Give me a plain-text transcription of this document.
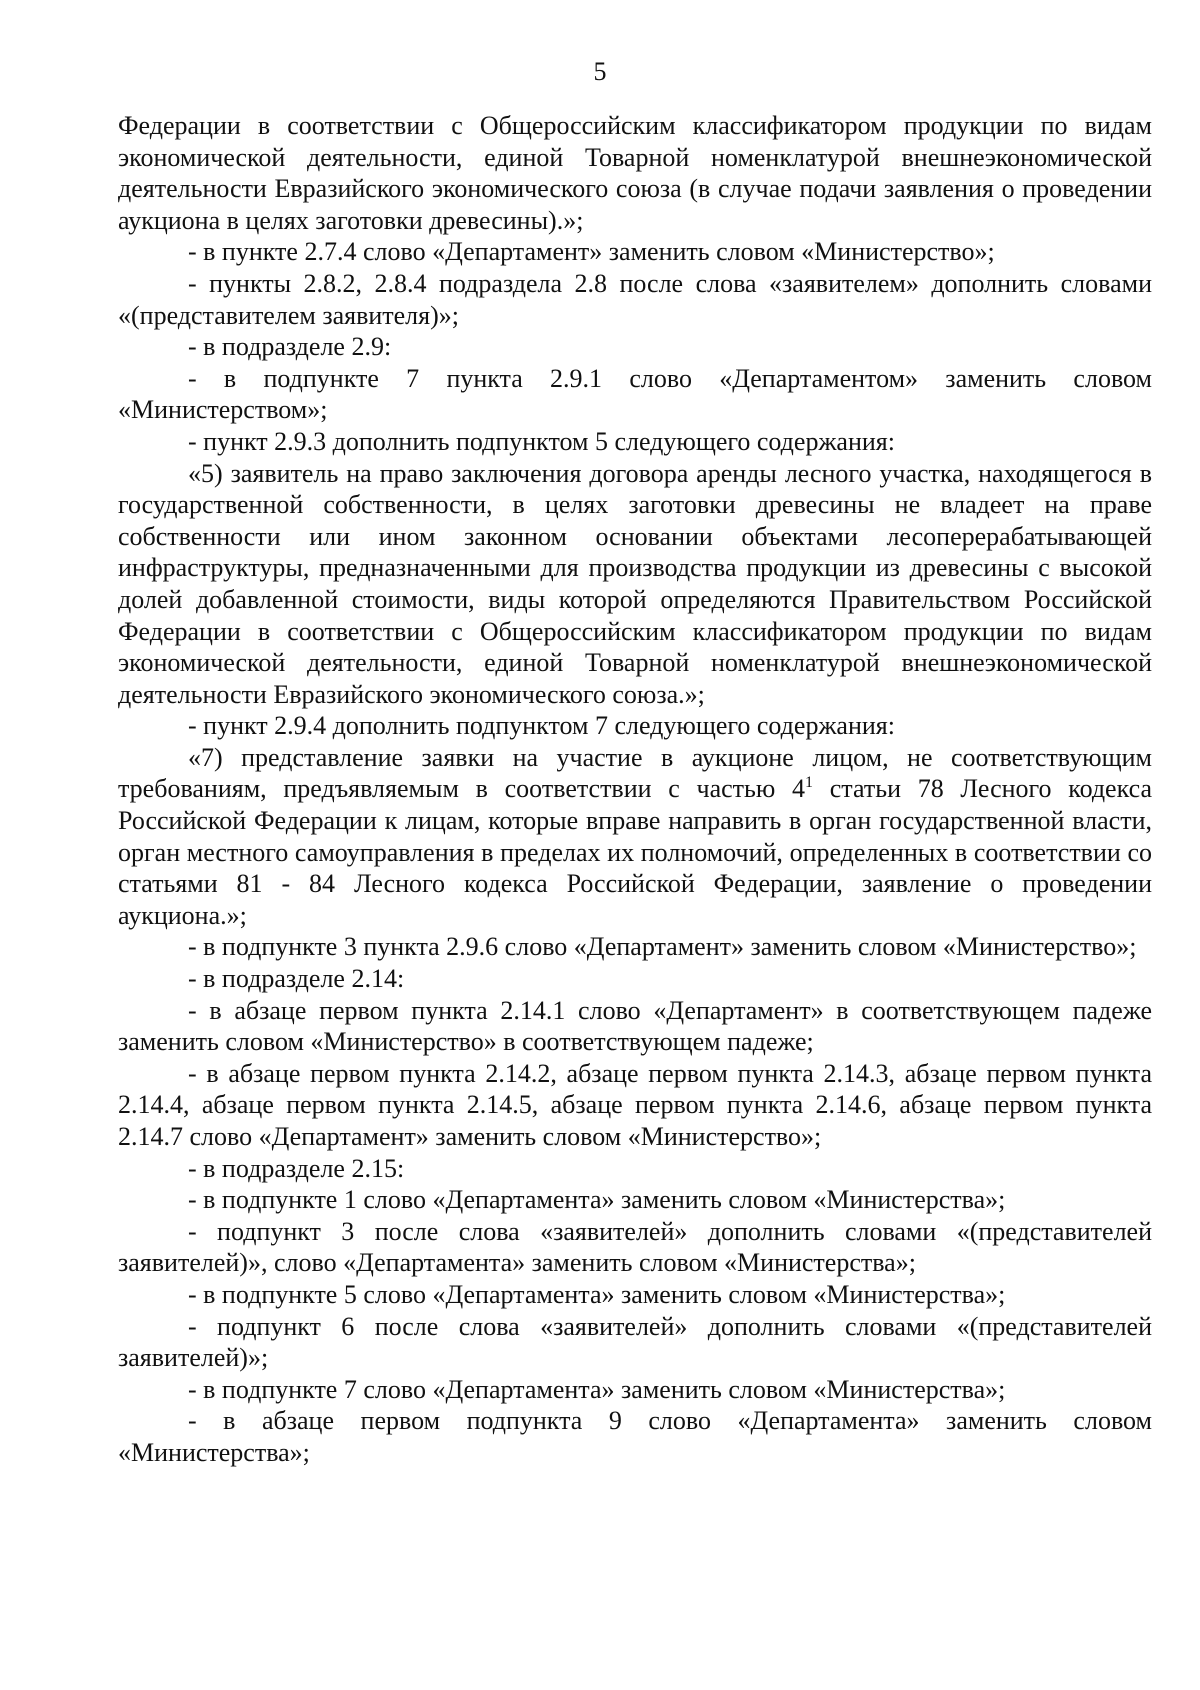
5

Федерации в соответствии с Общероссийским классификатором продукции по видам экономической деятельности, единой Товарной номенклатурой внешнеэкономической деятельности Евразийского экономического союза (в случае подачи заявления о проведении аукциона в целях заготовки древесины).»;

- в пункте 2.7.4 слово «Департамент» заменить словом «Министерство»;

- пункты 2.8.2, 2.8.4 подраздела 2.8 после слова «заявителем» дополнить словами «(представителем заявителя)»;

- в подразделе 2.9:

- в подпункте 7 пункта 2.9.1 слово «Департаментом» заменить словом «Министерством»;

- пункт 2.9.3 дополнить подпунктом 5 следующего содержания:

«5) заявитель на право заключения договора аренды лесного участка, находящегося в государственной собственности, в целях заготовки древесины не владеет на праве собственности или ином законном основании объектами лесоперерабатывающей инфраструктуры, предназначенными для производства продукции из древесины с высокой долей добавленной стоимости, виды которой определяются Правительством Российской Федерации в соответствии с Общероссийским классификатором продукции по видам экономической деятельности, единой Товарной номенклатурой внешнеэкономической деятельности Евразийского экономического союза.»;

- пункт 2.9.4 дополнить подпунктом 7 следующего содержания:

«7) представление заявки на участие в аукционе лицом, не соответствующим требованиям, предъявляемым в соответствии с частью $4^1$ статьи 78 Лесного кодекса Российской Федерации к лицам, которые вправе направить в орган государственной власти, орган местного самоуправления в пределах их полномочий, определенных в соответствии со статьями 81 - 84 Лесного кодекса Российской Федерации, заявление о проведении аукциона.»;

- в подпункте 3 пункта 2.9.6 слово «Департамент» заменить словом «Министерство»;

- в подразделе 2.14:

- в абзаце первом пункта 2.14.1 слово «Департамент» в соответствующем падеже заменить словом «Министерство» в соответствующем падеже;

- в абзаце первом пункта 2.14.2, абзаце первом пункта 2.14.3, абзаце первом пункта 2.14.4, абзаце первом пункта 2.14.5, абзаце первом пункта 2.14.6, абзаце первом пункта 2.14.7 слово «Департамент» заменить словом «Министерство»;

- в подразделе 2.15:

- в подпункте 1 слово «Департамента» заменить словом «Министерства»;

- подпункт 3 после слова «заявителей» дополнить словами «(представителей заявителей)», слово «Департамента» заменить словом «Министерства»;

- в подпункте 5 слово «Департамента» заменить словом «Министерства»;

- подпункт 6 после слова «заявителей» дополнить словами «(представителей заявителей)»;

- в подпункте 7 слово «Департамента» заменить словом «Министерства»;

- в абзаце первом подпункта 9 слово «Департамента» заменить словом «Министерства»;
